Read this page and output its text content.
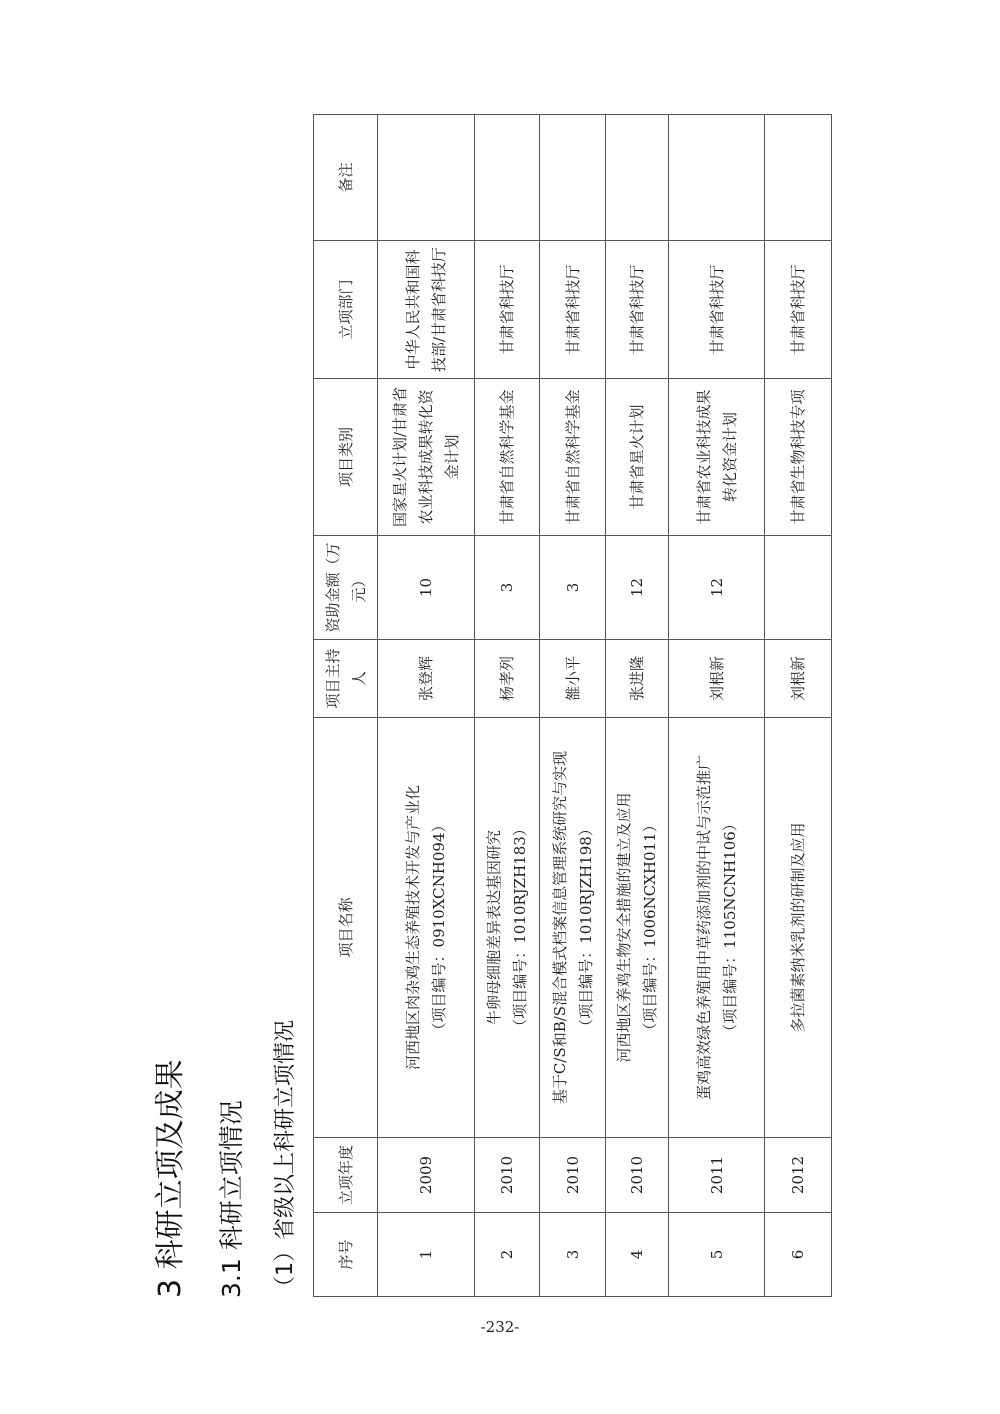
3 科研立项及成果 3.1 科研立项情况 （1）省级以上科研立项情况	序号	立项年度	项目名称	项目主持人	资助金额（万元）	项目类别	立项部门	备注
1	2009	河西地区肉杂鸡生态养殖技术开发与产业化 （项目编号：0910XCNH094）	张登辉	10	国家星火计划/甘肃省农业科技成果转化资金计划	中华人民共和国科技部/甘肃省科技厅	
2	2010	牛卵母细胞差异表达基因研究 （项目编号：1010RJZH183）	杨孝列	3	甘肃省自然科学基金	甘肃省科技厅	
3	2010	基于C/S和B/S混合模式档案信息管理系统研究与实现 （项目编号：1010RJZH198）	雒小平	3	甘肃省自然科学基金	甘肃省科技厅	
4	2010	河西地区养鸡生物安全措施的建立及应用 （项目编号：1006NCXH011）	张进隆	12	甘肃省星火计划	甘肃省科技厅	
5	2011	蛋鸡高效绿色养殖用中草药添加剂的中试与示范推广 （项目编号：1105NCNH106）	刘根新	12	甘肃省农业科技成果转化资金计划	甘肃省科技厅	
6	2012	多拉菌素纳米乳剂的研制及应用	刘根新		甘肃省生物科技专项	甘肃省科技厅	
-232-
